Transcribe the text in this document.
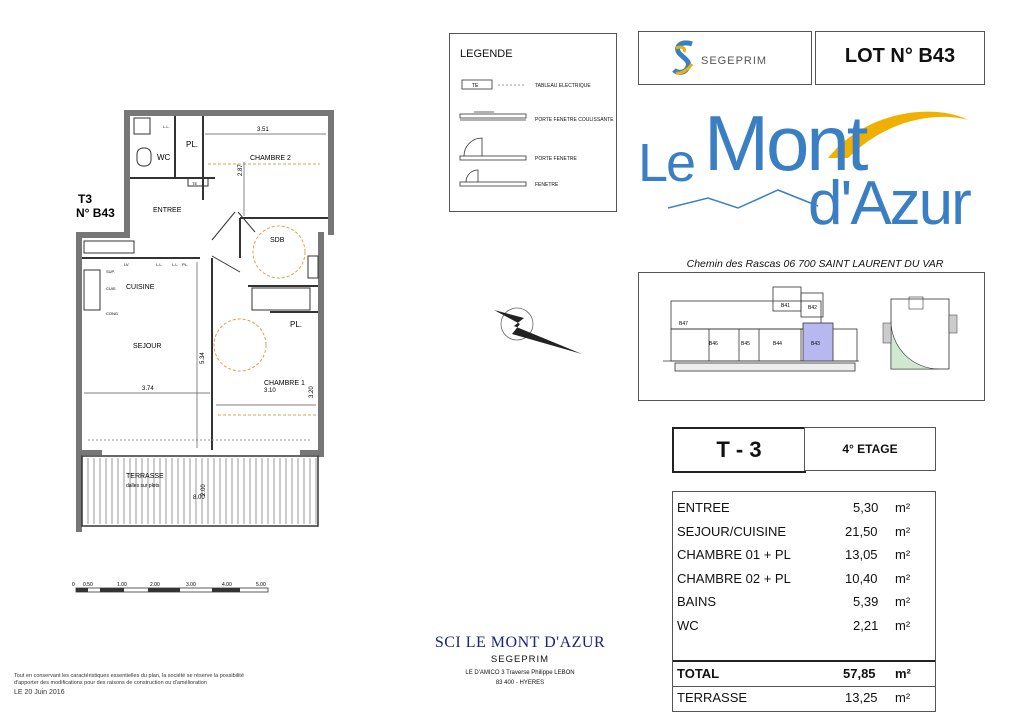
T3
N° B43
WC
PL.
CHAMBRE 2
ENTREE
SDB
CUISINE
SEJOUR
PL.
CHAMBRE 1
TERRASSE
dalles sur plots
3.51
2.87
5.34
3.74	3.10	3.20
8.00
2.00
L.L.
TE
LV.
SUP.
CUIS
CONG
L.L. L.L. PL.
0 0.50	1.00	2.00	3.00	4.00	5.00
Tout en conservant les caractéristiques essentielles du plan, la société se réserve la possibilité
d'apporter des modifications pour des raisons de construction ou d'amélioration
LE 20 Juin 2016
LEGENDE
TE	TABLEAU ELECTRIQUE
PORTE FENETRE COULISSANTE
PORTE FENETRE
FENETRE
SEGEPRIM	LOT N° B43
Le Mont
d'Azur
Chemin des Rascas 06 700 SAINT LAURENT DU VAR
B41	B42
B47
B46	B45	B44	B43
T - 3	4° ETAGE
ENTREE	5,30 m²
SEJOUR/CUISINE	21,50 m²
CHAMBRE 01 + PL	13,05 m²
CHAMBRE 02 + PL	10,40 m²
BAINS	5,39 m²
WC	2,21 m²
TOTAL	57,85 m²
TERRASSE	13,25 m²
SCI LE MONT D'AZUR
SEGEPRIM
LE D'AMICO 3 Traverse Philippe LEBON
83 400 - HYERES
